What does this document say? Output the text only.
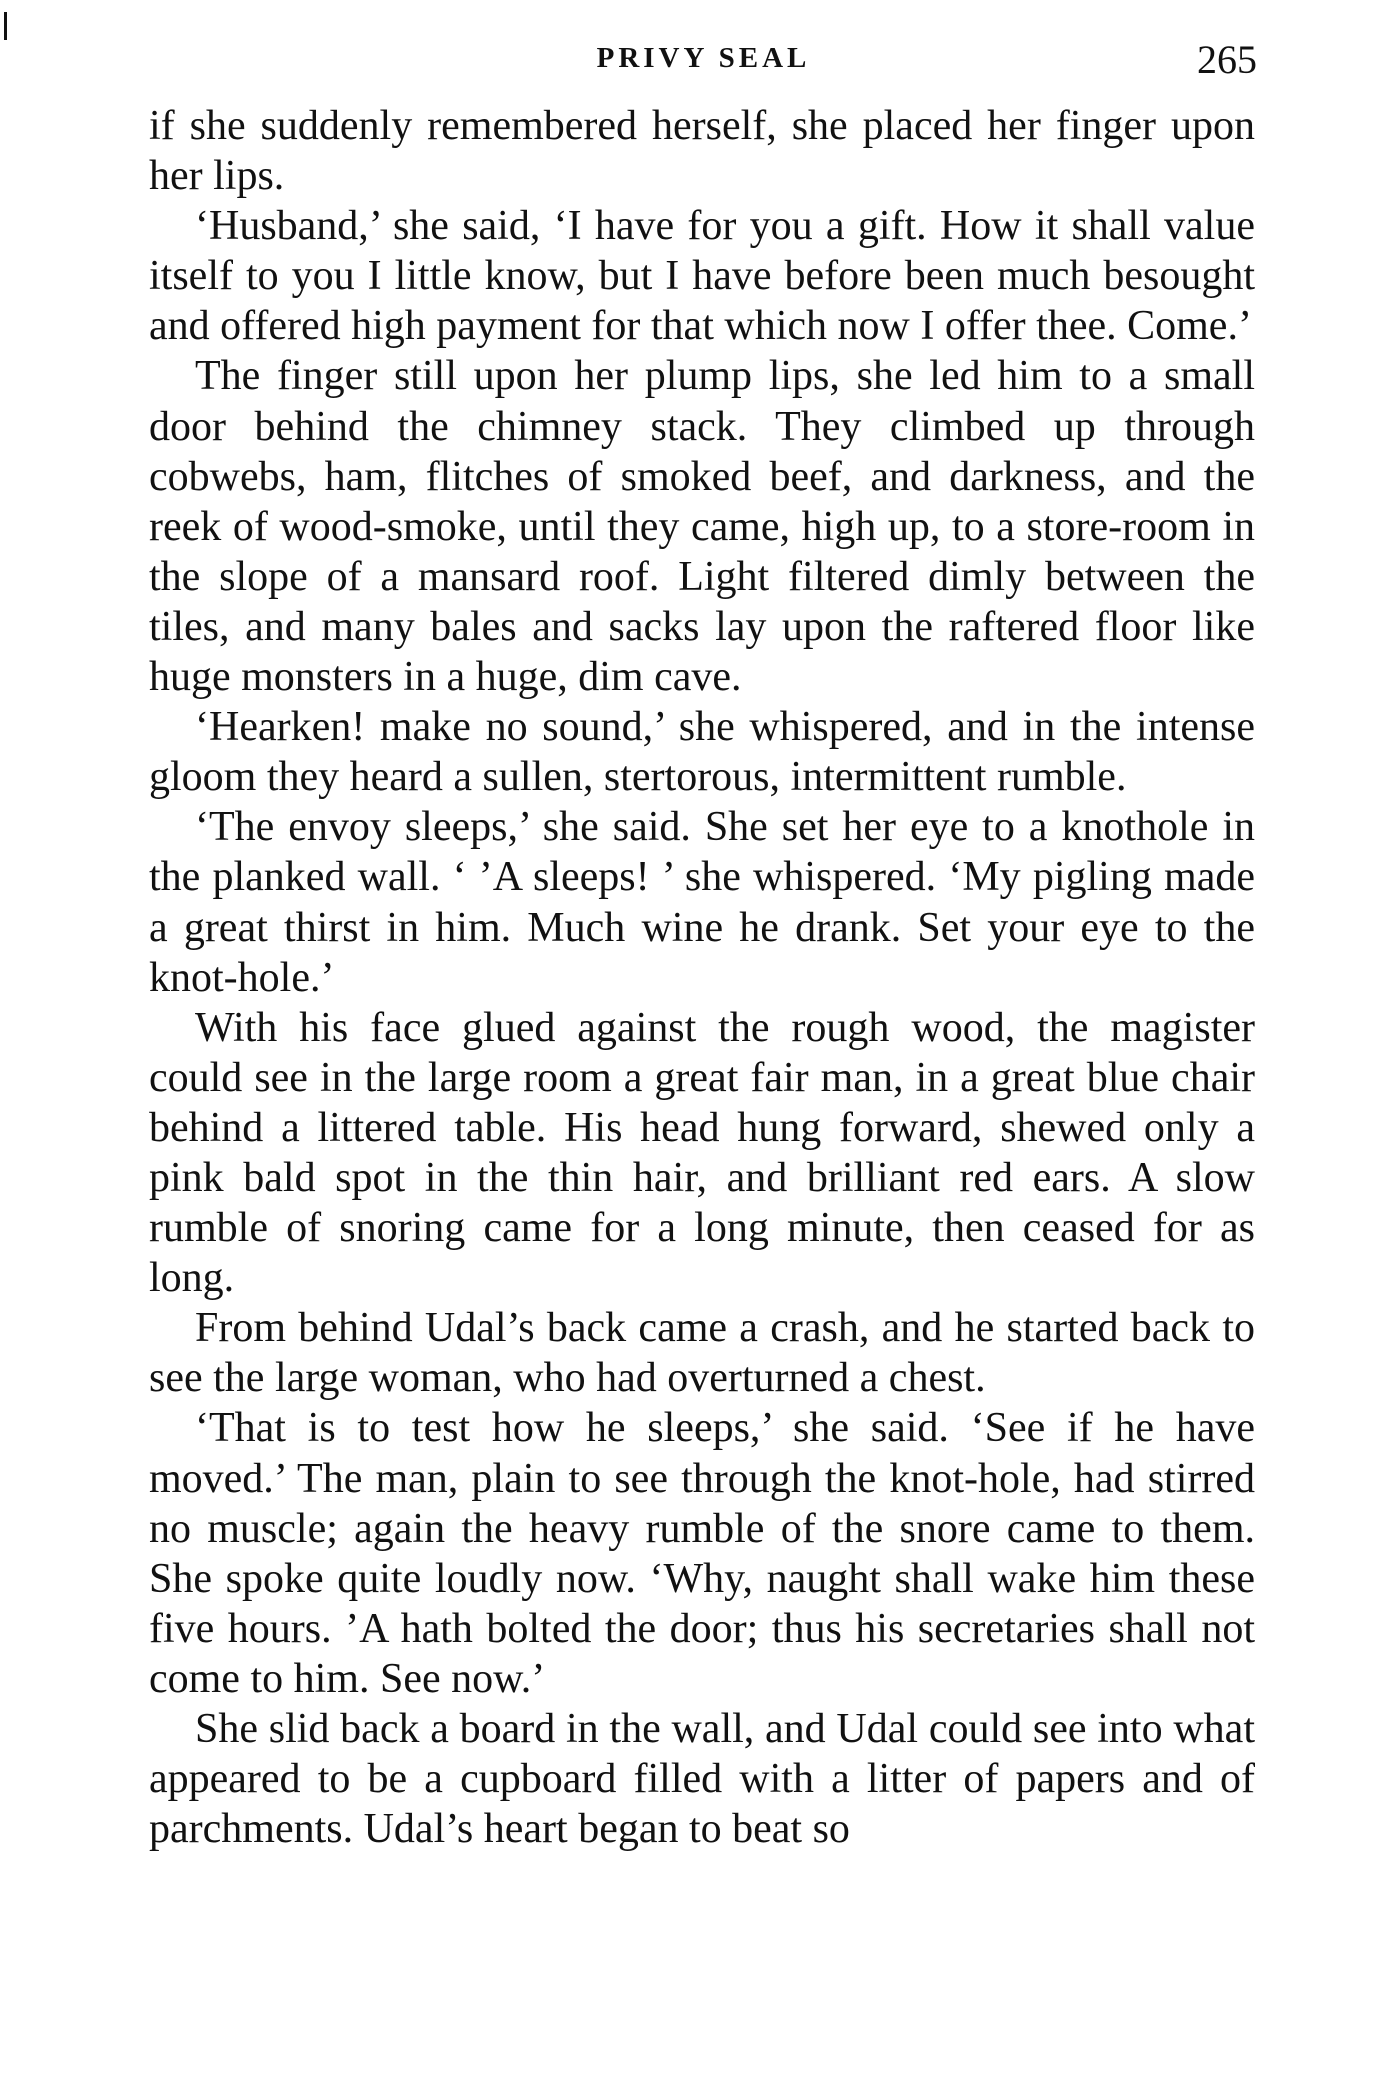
PRIVY SEAL	265

if she suddenly remembered herself, she placed her finger upon her lips.

‘Husband,’ she said, ‘I have for you a gift. How it shall value itself to you I little know, but I have before been much besought and offered high payment for that which now I offer thee. Come.’

The finger still upon her plump lips, she led him to a small door behind the chimney stack. They climbed up through cobwebs, ham, flitches of smoked beef, and darkness, and the reek of wood-smoke, until they came, high up, to a store-room in the slope of a mansard roof. Light filtered dimly between the tiles, and many bales and sacks lay upon the raftered floor like huge monsters in a huge, dim cave.

‘Hearken! make no sound,’ she whispered, and in the intense gloom they heard a sullen, stertorous, intermittent rumble.

‘The envoy sleeps,’ she said. She set her eye to a knothole in the planked wall. ‘ ’A sleeps! ’ she whispered. ‘My pigling made a great thirst in him. Much wine he drank. Set your eye to the knot-hole.’

With his face glued against the rough wood, the magister could see in the large room a great fair man, in a great blue chair behind a littered table. His head hung forward, shewed only a pink bald spot in the thin hair, and brilliant red ears. A slow rumble of snoring came for a long minute, then ceased for as long.

From behind Udal’s back came a crash, and he started back to see the large woman, who had overturned a chest.

‘That is to test how he sleeps,’ she said. ‘See if he have moved.’ The man, plain to see through the knot-hole, had stirred no muscle; again the heavy rumble of the snore came to them. She spoke quite loudly now. ‘Why, naught shall wake him these five hours. ’A hath bolted the door; thus his secretaries shall not come to him. See now.’

She slid back a board in the wall, and Udal could see into what appeared to be a cupboard filled with a litter of papers and of parchments. Udal’s heart began to beat so
